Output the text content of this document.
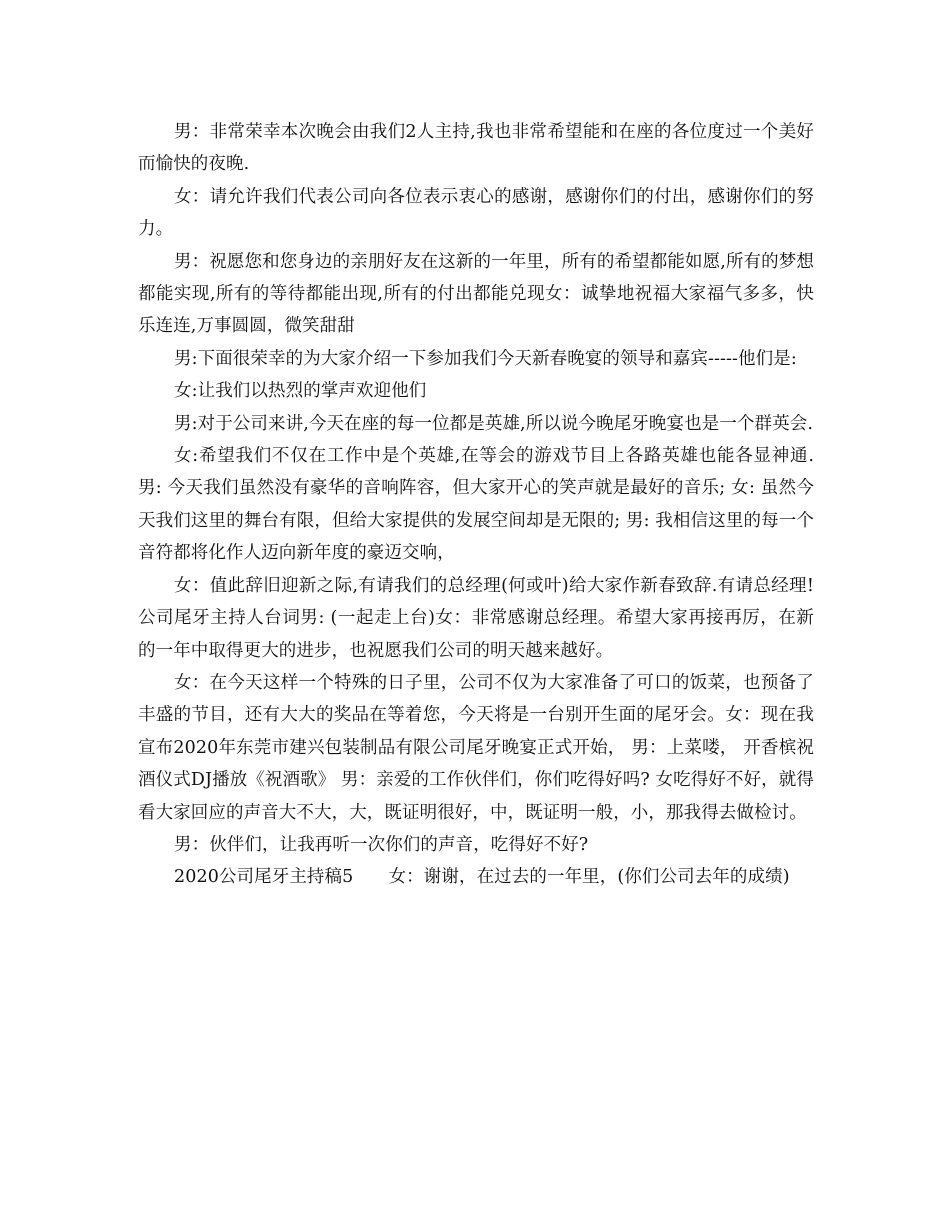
男：非常荣幸本次晚会由我们2人主持,我也非常希望能和在座的各位度过一个美好而愉快的夜晚.

女：请允许我们代表公司向各位表示衷心的感谢，感谢你们的付出，感谢你们的努力。

男：祝愿您和您身边的亲朋好友在这新的一年里，所有的希望都能如愿,所有的梦想都能实现,所有的等待都能出现,所有的付出都能兑现女：诚挚地祝福大家福气多多，快乐连连,万事圆圆，微笑甜甜

男:下面很荣幸的为大家介绍一下参加我们今天新春晚宴的领导和嘉宾-----他们是:

女:让我们以热烈的掌声欢迎他们

男:对于公司来讲,今天在座的每一位都是英雄,所以说今晚尾牙晚宴也是一个群英会.

女:希望我们不仅在工作中是个英雄,在等会的游戏节目上各路英雄也能各显神通. 男: 今天我们虽然没有豪华的音响阵容，但大家开心的笑声就是最好的音乐; 女: 虽然今天我们这里的舞台有限，但给大家提供的发展空间却是无限的; 男: 我相信这里的每一个音符都将化作人迈向新年度的豪迈交响，

女：值此辞旧迎新之际,有请我们的总经理(何或叶)给大家作新春致辞.有请总经理!公司尾牙主持人台词男: (一起走上台)女：非常感谢总经理。希望大家再接再厉，在新的一年中取得更大的进步，也祝愿我们公司的明天越来越好。

女：在今天这样一个特殊的日子里，公司不仅为大家准备了可口的饭菜，也预备了丰盛的节目，还有大大的奖品在等着您，今天将是一台别开生面的尾牙会。女：现在我宣布2020年东莞市建兴包装制品有限公司尾牙晚宴正式开始， 男：上菜喽， 开香槟祝酒仪式DJ播放《祝酒歌》 男：亲爱的工作伙伴们，你们吃得好吗? 女吃得好不好，就得看大家回应的声音大不大，大，既证明很好，中，既证明一般，小，那我得去做检讨。

男：伙伴们，让我再听一次你们的声音，吃得好不好?

2020公司尾牙主持稿5　　女：谢谢，在过去的一年里，(你们公司去年的成绩)
